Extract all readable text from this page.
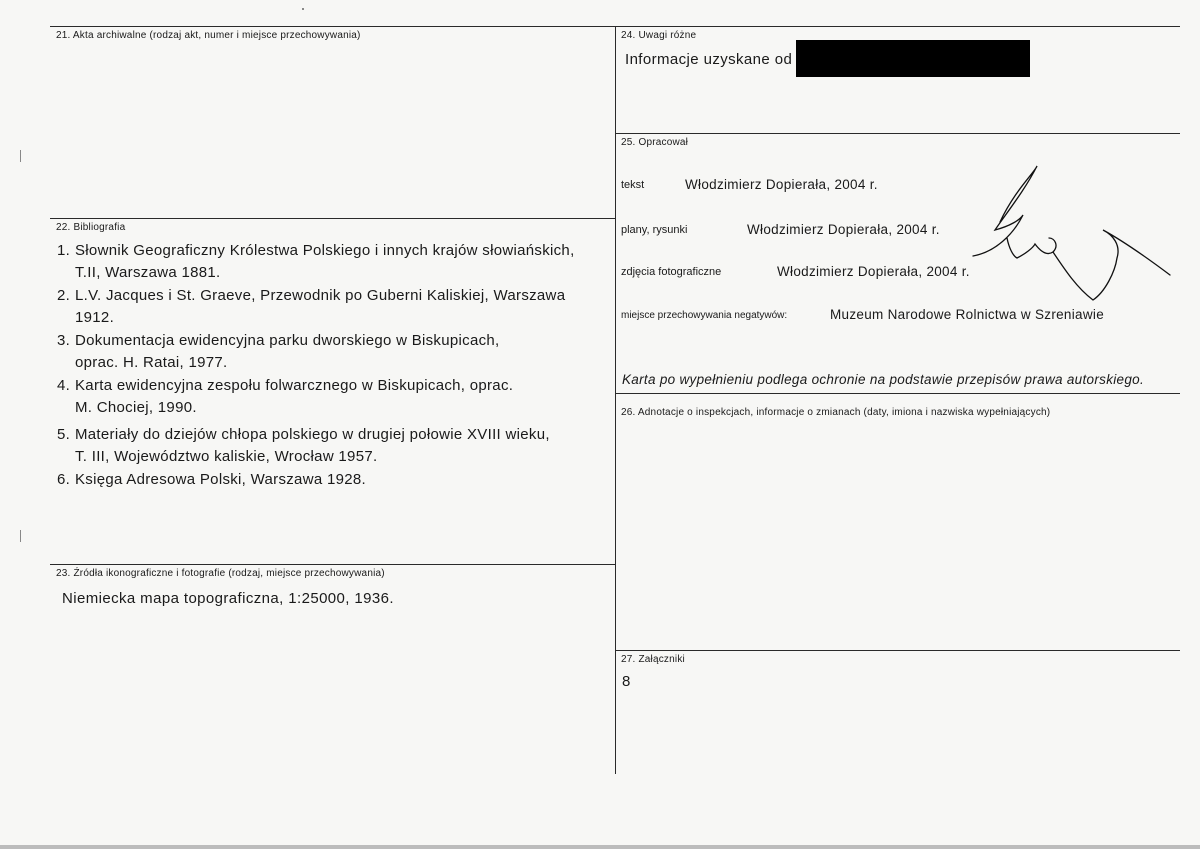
21. Akta archiwalne (rodzaj akt, numer i miejsce przechowywania)
22. Bibliografia
1. Słownik Geograficzny Królestwa Polskiego i innych krajów słowiańskich,
T.II, Warszawa 1881.
2. L.V. Jacques i St. Graeve, Przewodnik po Guberni Kaliskiej, Warszawa
1912.
3. Dokumentacja ewidencyjna parku dworskiego w Biskupicach,
oprac. H. Ratai, 1977.
4. Karta ewidencyjna zespołu folwarcznego w Biskupicach, oprac.
M. Chociej, 1990.
5. Materiały do dziejów chłopa polskiego w drugiej połowie XVIII wieku,
T. III, Województwo kaliskie, Wrocław 1957.
6. Księga Adresowa Polski, Warszawa 1928.
23. Źródła ikonograficzne i fotografie (rodzaj, miejsce przechowywania)
Niemiecka mapa topograficzna, 1:25000, 1936.
24. Uwagi różne
Informacje uzyskane od
25. Opracował
tekst	Włodzimierz Dopierała, 2004 r.
plany, rysunki	Włodzimierz Dopierała, 2004 r.
zdjęcia fotograficzne	Włodzimierz Dopierała, 2004 r.
miejsce przechowywania negatywów:	Muzeum Narodowe Rolnictwa w Szreniawie
Karta po wypełnieniu podlega ochronie na podstawie przepisów prawa autorskiego.
26. Adnotacje o inspekcjach, informacje o zmianach (daty, imiona i nazwiska wypełniających)
27. Załączniki
8
